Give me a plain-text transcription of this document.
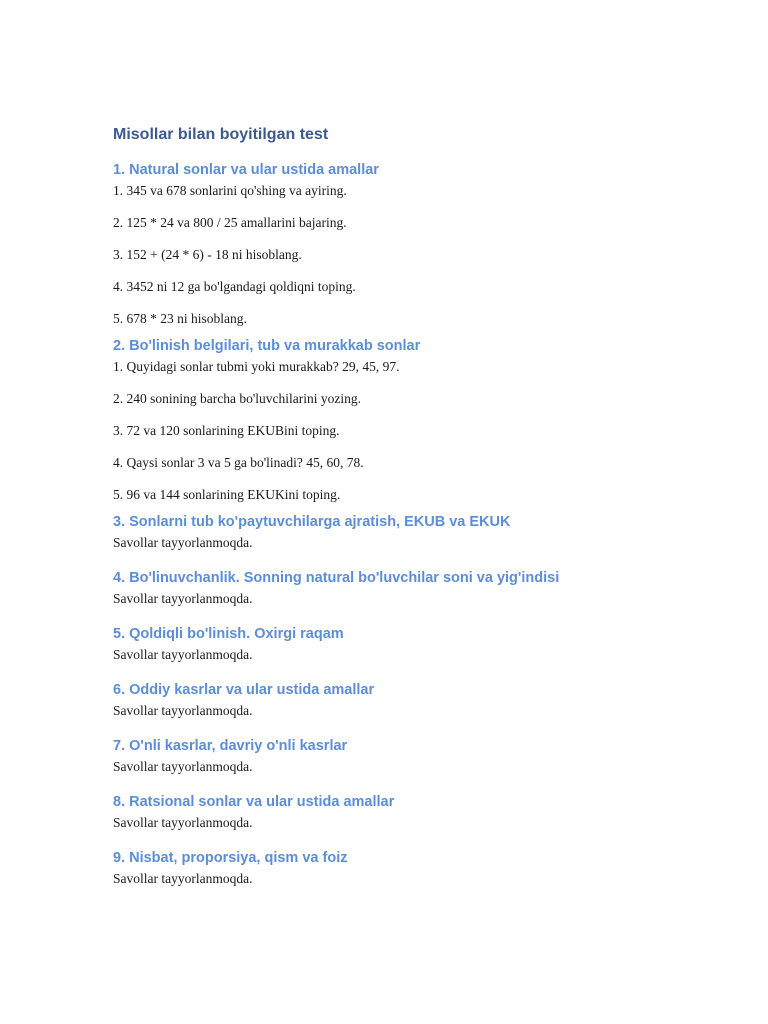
Misollar bilan boyitilgan test
1. Natural sonlar va ular ustida amallar

1. 345 va 678 sonlarini qo'shing va ayiring.

2. 125 * 24 va 800 / 25 amallarini bajaring.

3. 152 + (24 * 6) - 18 ni hisoblang.

4. 3452 ni 12 ga bo'lgandagi qoldiqni toping.

5. 678 * 23 ni hisoblang.

2. Bo'linish belgilari, tub va murakkab sonlar

1. Quyidagi sonlar tubmi yoki murakkab? 29, 45, 97.

2. 240 sonining barcha bo'luvchilarini yozing.

3. 72 va 120 sonlarining EKUBini toping.

4. Qaysi sonlar 3 va 5 ga bo'linadi? 45, 60, 78.

5. 96 va 144 sonlarining EKUKini toping.

3. Sonlarni tub ko'paytuvchilarga ajratish, EKUB va EKUK

Savollar tayyorlanmoqda.

4. Bo'linuvchanlik. Sonning natural bo'luvchilar soni va yig'indisi

Savollar tayyorlanmoqda.

5. Qoldiqli bo'linish. Oxirgi raqam

Savollar tayyorlanmoqda.

6. Oddiy kasrlar va ular ustida amallar

Savollar tayyorlanmoqda.

7. O'nli kasrlar, davriy o'nli kasrlar

Savollar tayyorlanmoqda.

8. Ratsional sonlar va ular ustida amallar

Savollar tayyorlanmoqda.

9. Nisbat, proporsiya, qism va foiz

Savollar tayyorlanmoqda.
